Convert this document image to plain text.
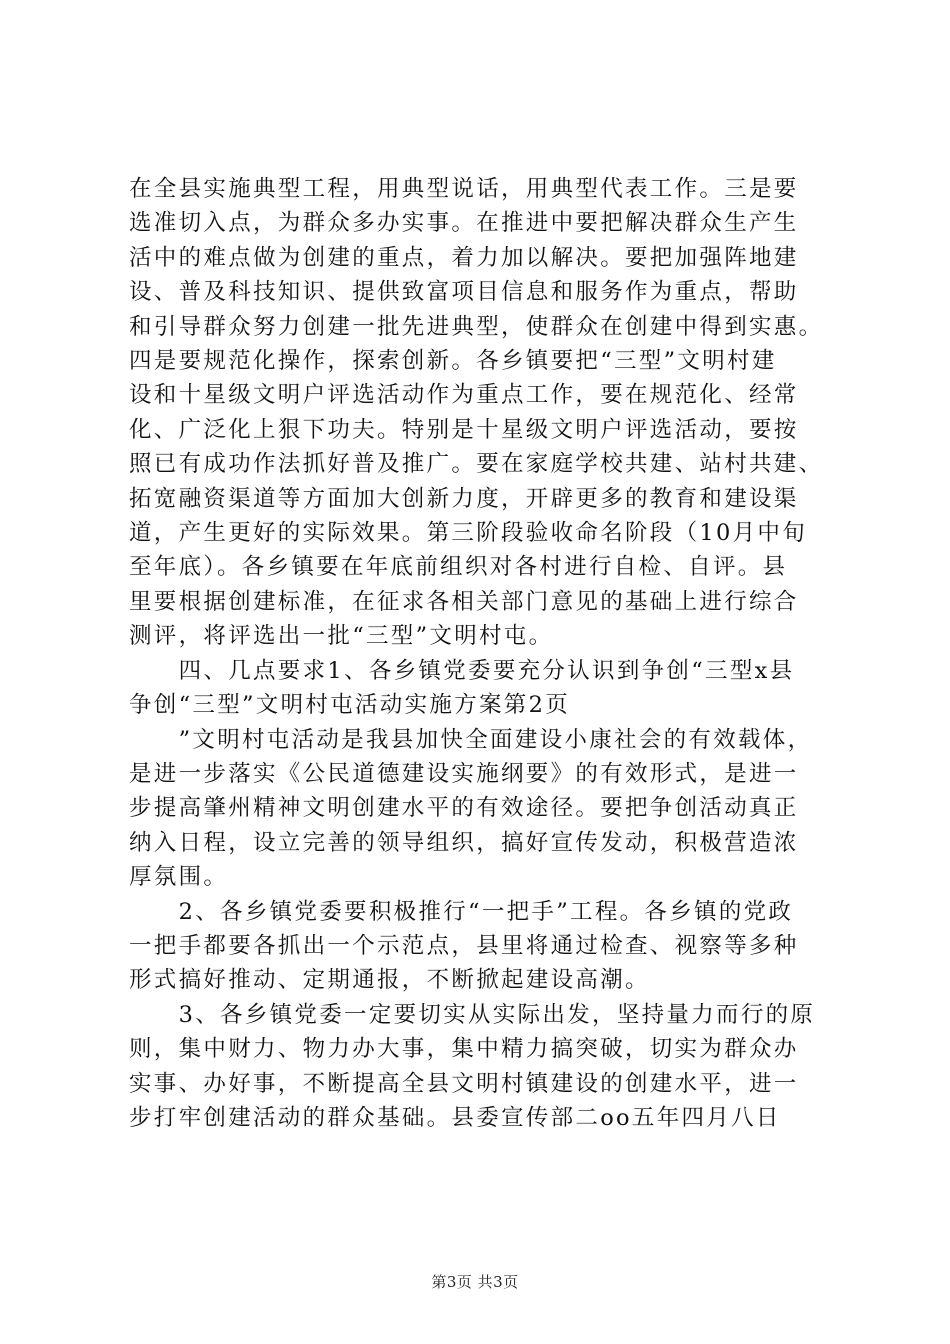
在全县实施典型工程，用典型说话，用典型代表工作。三是要
选准切入点，为群众多办实事。在推进中要把解决群众生产生
活中的难点做为创建的重点，着力加以解决。要把加强阵地建
设、普及科技知识、提供致富项目信息和服务作为重点，帮助
和引导群众努力创建一批先进典型，使群众在创建中得到实惠。
四是要规范化操作，探索创新。各乡镇要把“三型”文明村建
设和十星级文明户评选活动作为重点工作，要在规范化、经常
化、广泛化上狠下功夫。特别是十星级文明户评选活动，要按
照已有成功作法抓好普及推广。要在家庭学校共建、站村共建、
拓宽融资渠道等方面加大创新力度，开辟更多的教育和建设渠
道，产生更好的实际效果。第三阶段验收命名阶段（10月中旬
至年底）。各乡镇要在年底前组织对各村进行自检、自评。县
里要根据创建标准，在征求各相关部门意见的基础上进行综合
测评，将评选出一批“三型”文明村屯。
　　四、几点要求1、各乡镇党委要充分认识到争创“三型x县
争创“三型”文明村屯活动实施方案第2页
　　”文明村屯活动是我县加快全面建设小康社会的有效载体，
是进一步落实《公民道德建设实施纲要》的有效形式，是进一
步提高肇州精神文明创建水平的有效途径。要把争创活动真正
纳入日程，设立完善的领导组织，搞好宣传发动，积极营造浓
厚氛围。
　　2、各乡镇党委要积极推行“一把手”工程。各乡镇的党政
一把手都要各抓出一个示范点，县里将通过检查、视察等多种
形式搞好推动、定期通报，不断掀起建设高潮。
　　3、各乡镇党委一定要切实从实际出发，坚持量力而行的原
则，集中财力、物力办大事，集中精力搞突破，切实为群众办
实事、办好事，不断提高全县文明村镇建设的创建水平，进一
步打牢创建活动的群众基础。县委宣传部二oo五年四月八日
第3页 共3页
